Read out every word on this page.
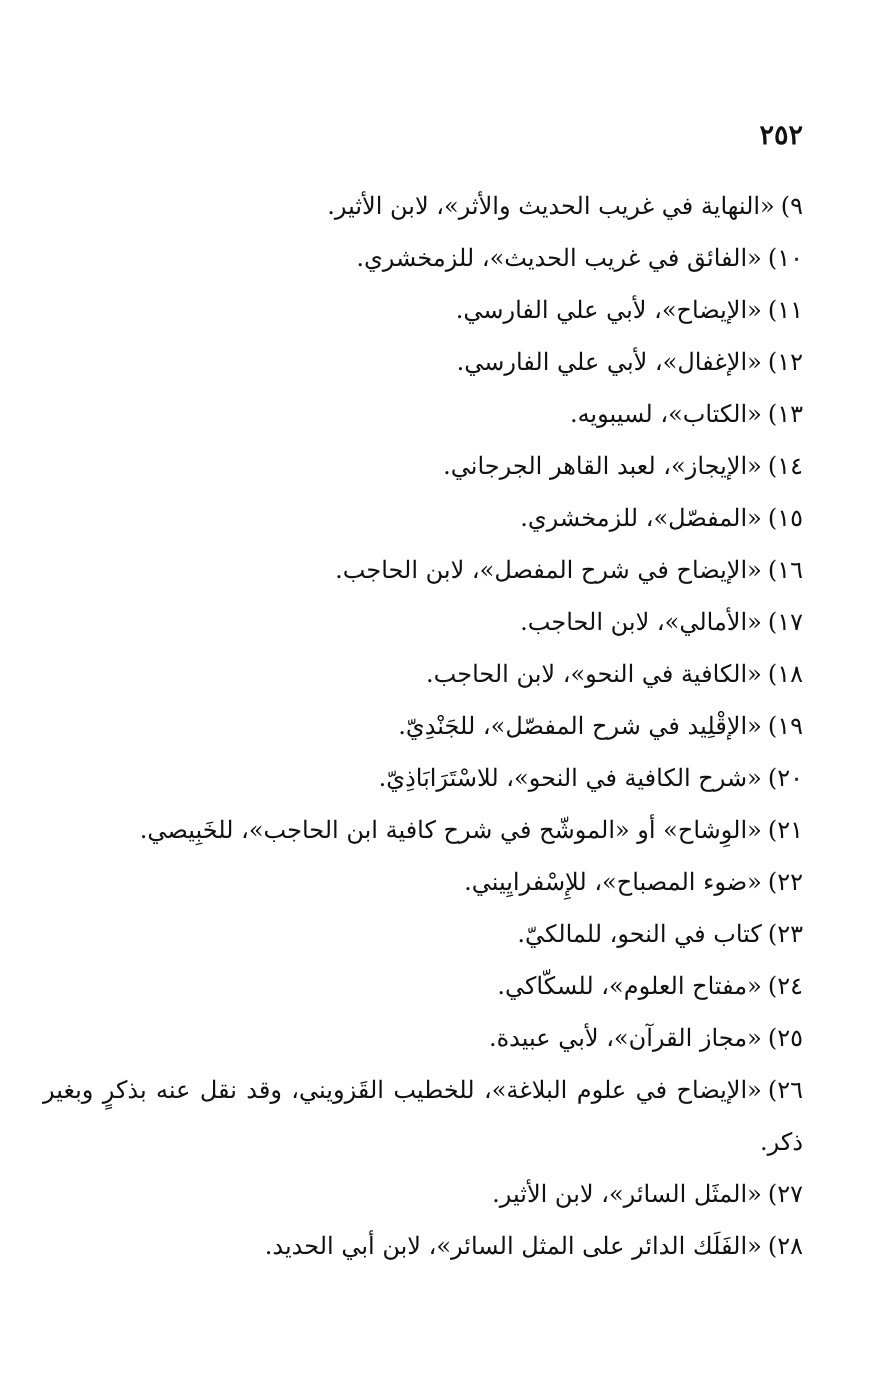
٢٥٢
٩)«النهاية في غريب الحديث والأثر»، لابن الأثير.
١٠)«الفائق في غريب الحديث»، للزمخشري.
١١)«الإيضاح»، لأبي علي الفارسي.
١٢)«الإغفال»، لأبي علي الفارسي.
١٣)«الكتاب»، لسيبويه.
١٤)«الإيجاز»، لعبد القاهر الجرجاني.
١٥)«المفصّل»، للزمخشري.
١٦)«الإيضاح في شرح المفصل»، لابن الحاجب.
١٧)«الأمالي»، لابن الحاجب.
١٨)«الكافية في النحو»، لابن الحاجب.
١٩)«الإقْلِيد في شرح المفصّل»، للجَنْدِيّ.
٢٠)«شرح الكافية في النحو»، للاسْتَرَابَاذِيّ.
٢١)«الوِشاح» أو «الموشّح في شرح كافية ابن الحاجب»، للخَبِيصي.
٢٢)«ضوء المصباح»، للإِسْفرايِيني.
٢٣)كتاب في النحو، للمالكيّ.
٢٤)«مفتاح العلوم»، للسكّاكي.
٢٥)«مجاز القرآن»، لأبي عبيدة.
٢٦)«الإيضاح في علوم البلاغة»، للخطيب القَزويني، وقد نقل عنه بذكرٍ وبغير ذكر.
٢٧)«المثَل السائر»، لابن الأثير.
٢٨)«الفَلَك الدائر على المثل السائر»، لابن أبي الحديد.
